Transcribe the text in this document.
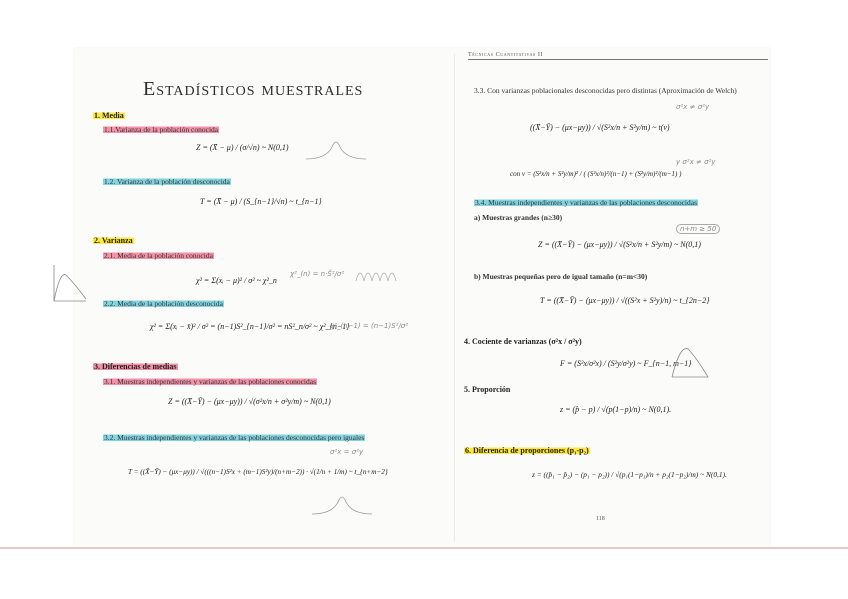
Técnicas Cuantitativas II
Estadísticos muestrales
1. Media
1.1.Varianza de la población conocida
Z = (X̄ − μ) / (σ/√n) ~ N(0,1)
1.2. Varianza de la población desconocida
T = (X̄ − μ) / (S_{n−1}/√n) ~ t_{n−1}
2. Varianza
2.1. Media de la población conocida
χ² = Σ(xᵢ − μ)² / σ² ~ χ²_n
χ²_(n) = n·S̃²/σ²
2.2. Media de la población desconocida
χ² = Σ(xᵢ − x̄)² / σ² = (n−1)S²_{n−1}/σ² = nS²_n/σ² ~ χ²_{n−1}
χ²_(n−1) = (n−1)S²/σ²
3. Diferencias de medias
3.1. Muestras independientes y varianzas de las poblaciones conocidas
Z = ((X̄−Ȳ) − (μx−μy)) / √(σ²x/n + σ²y/m) ~ N(0,1)
3.2. Muestras independientes y varianzas de las poblaciones desconocidas pero iguales
σ²x = σ²y
T = ((X̄−Ȳ) − (μx−μy)) / √(((n−1)S²x + (m−1)S²y)/(n+m−2)) · √(1/n + 1/m) ~ t_{n+m−2}
3.3. Con varianzas poblacionales desconocidas pero distintas (Aproximación de Welch)
σ²x ≠ σ²y
((X̄−Ȳ) − (μx−μy)) / √(S²x/n + S²y/m) ~ t(v)
con v = (S²x/n + S²y/m)² / ( (S²x/n)²/(n−1) + (S²y/m)²/(m−1) )
y σ²x ≠ σ²y
3.4. Muestras independientes y varianzas de las poblaciones desconocidas
a) Muestras grandes (n≥30)
n+m ≥ 50
Z = ((X̄−Ȳ) − (μx−μy)) / √(S²x/n + S²y/m) ~ N(0,1)
b) Muestras pequeñas pero de igual tamaño (n=m<30)
T = ((X̄−Ȳ) − (μx−μy)) / √((S²x + S²y)/n) ~ t_{2n−2}
4. Cociente de varianzas (σ²x / σ²y)
F = (S²x/σ²x) / (S²y/σ²y) ~ F_{n−1, m−1}
5. Proporción
z = (p̂ − p) / √(p(1−p)/n) ~ N(0,1).
6. Diferencia de proporciones (p₁-p₂)
z = ((p̂₁ − p̂₂) − (p₁ − p₂)) / √(p₁(1−p₁)/n + p₂(1−p₂)/m) ~ N(0,1).
118
